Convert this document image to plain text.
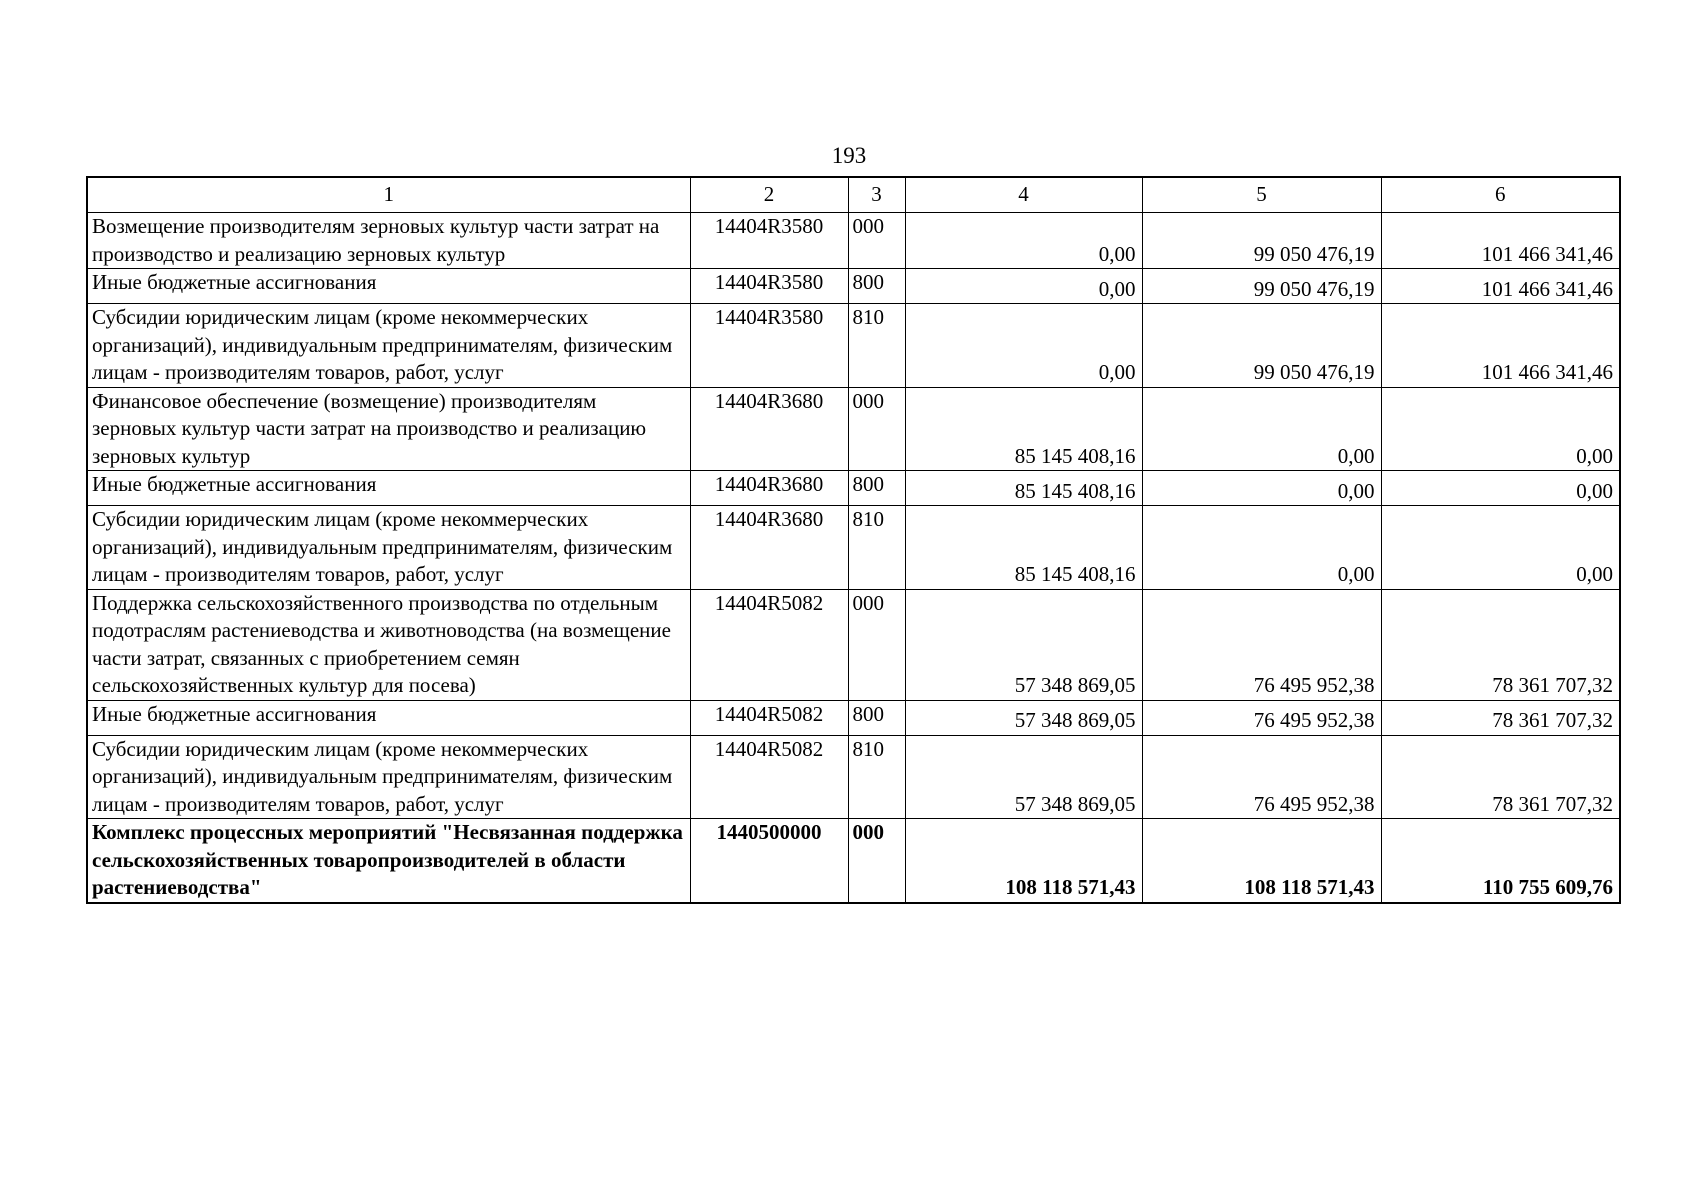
193
1	2	3	4	5	6
Возмещение производителям зерновых культур части затрат на производство и реализацию зерновых культур	14404R3580	000	0,00	99 050 476,19	101 466 341,46
Иные бюджетные ассигнования	14404R3580	800	0,00	99 050 476,19	101 466 341,46
Субсидии юридическим лицам (кроме некоммерческих организаций), индивидуальным предпринимателям, физическим лицам - производителям товаров, работ, услуг	14404R3580	810	0,00	99 050 476,19	101 466 341,46
Финансовое обеспечение (возмещение) производителям зерновых культур части затрат на производство и реализацию зерновых культур	14404R3680	000	85 145 408,16	0,00	0,00
Иные бюджетные ассигнования	14404R3680	800	85 145 408,16	0,00	0,00
Субсидии юридическим лицам (кроме некоммерческих организаций), индивидуальным предпринимателям, физическим лицам - производителям товаров, работ, услуг	14404R3680	810	85 145 408,16	0,00	0,00
Поддержка сельскохозяйственного производства по отдельным подотраслям растениеводства и животноводства (на возмещение части затрат, связанных с приобретением семян сельскохозяйственных культур для посева)	14404R5082	000	57 348 869,05	76 495 952,38	78 361 707,32
Иные бюджетные ассигнования	14404R5082	800	57 348 869,05	76 495 952,38	78 361 707,32
Субсидии юридическим лицам (кроме некоммерческих организаций), индивидуальным предпринимателям, физическим лицам - производителям товаров, работ, услуг	14404R5082	810	57 348 869,05	76 495 952,38	78 361 707,32
Комплекс процессных мероприятий "Несвязанная поддержка сельскохозяйственных товаропроизводителей в области растениеводства"	1440500000	000	108 118 571,43	108 118 571,43	110 755 609,76
